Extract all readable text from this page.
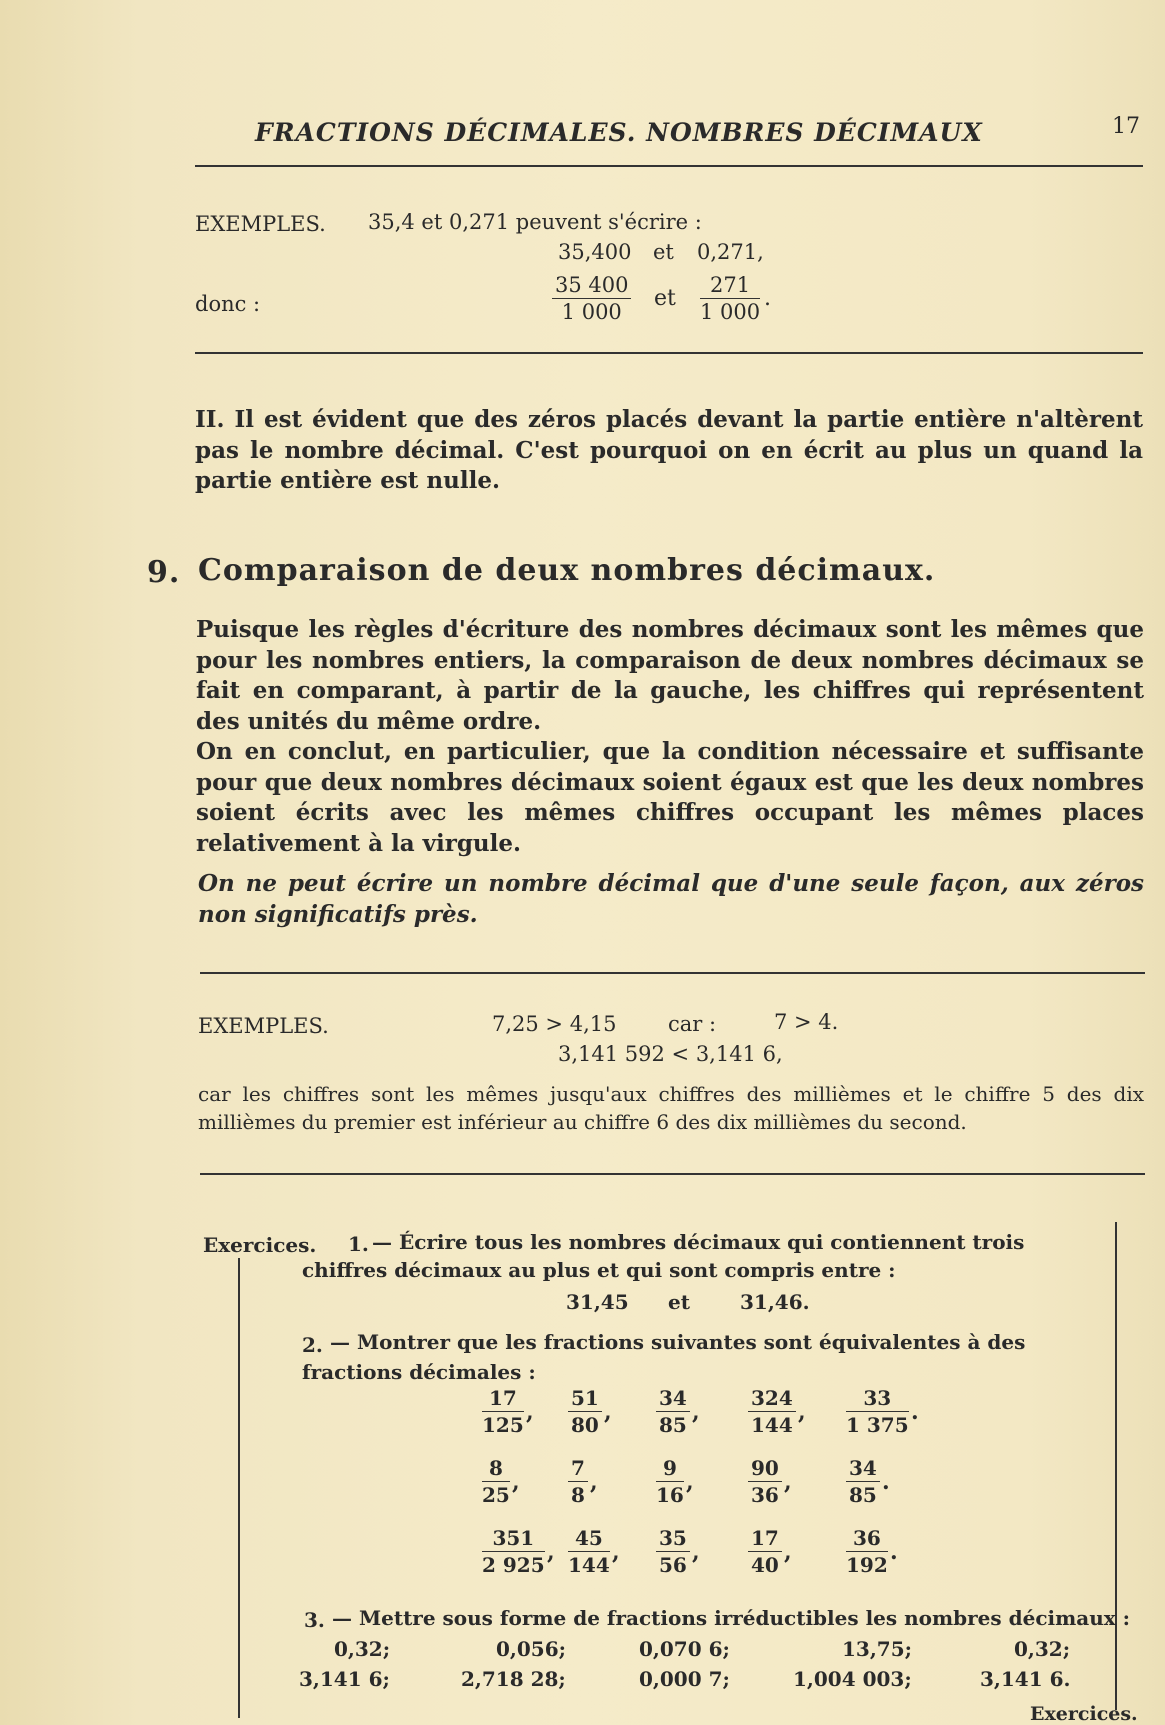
FRACTIONS DÉCIMALES. NOMBRES DÉCIMAUX	17
EXEMPLES. 35,4 et 0,271 peuvent s'écrire :
35,400 et 0,271,
donc :	$\frac{35 400}{1 000}$ et $\frac{271}{1 000}$ .
II. Il est évident que des zéros placés devant la partie entière n'altèrent pas le nombre décimal. C'est pourquoi on en écrit au plus un quand la partie entière est nulle.
9. Comparaison de deux nombres décimaux.
Puisque les règles d'écriture des nombres décimaux sont les mêmes que pour les nombres entiers, la comparaison de deux nombres décimaux se fait en comparant, à partir de la gauche, les chiffres qui représentent des unités du même ordre.
On en conclut, en particulier, que la condition nécessaire et suffisante pour que deux nombres décimaux soient égaux est que les deux nombres soient écrits avec les mêmes chiffres occupant les mêmes places relativement à la virgule.
On ne peut écrire un nombre décimal que d'une seule façon, aux zéros non significatifs près.
EXEMPLES.	7,25 > 4,15 car :	7 > 4.
3,141 592 < 3,141 6,
car les chiffres sont les mêmes jusqu'aux chiffres des millièmes et le chiffre 5 des dix millièmes du premier est inférieur au chiffre 6 des dix millièmes du second.
Exercices. 1. — Écrire tous les nombres décimaux qui contiennent trois
chiffres décimaux au plus et qui sont compris entre :
31,45 et	31,46.
2. — Montrer que les fractions suivantes sont équivalentes à des
fractions décimales :
$\frac{17}{125}$ , $\frac{51}{80}$ , $\frac{34}{85}$ , $\frac{324}{144}$ , $\frac{33}{1 375}$ .
$\frac{8}{25}$ , $\frac{7}{8}$ ,	$\frac{9}{16}$ ,	$\frac{90}{36}$ ,	$\frac{34}{85}$ .
$\frac{351}{2 925}$ , $\frac{45}{144}$ , $\frac{35}{56}$ , $\frac{17}{40}$ ,	$\frac{36}{192}$ .
3. — Mettre sous forme de fractions irréductibles les nombres décimaux :
0,32;	0,056;	0,070 6;	13,75;	0,32;
3,141 6;	2,718 28;	0,000 7;	1,004 003;	3,141 6.
Exercices.
